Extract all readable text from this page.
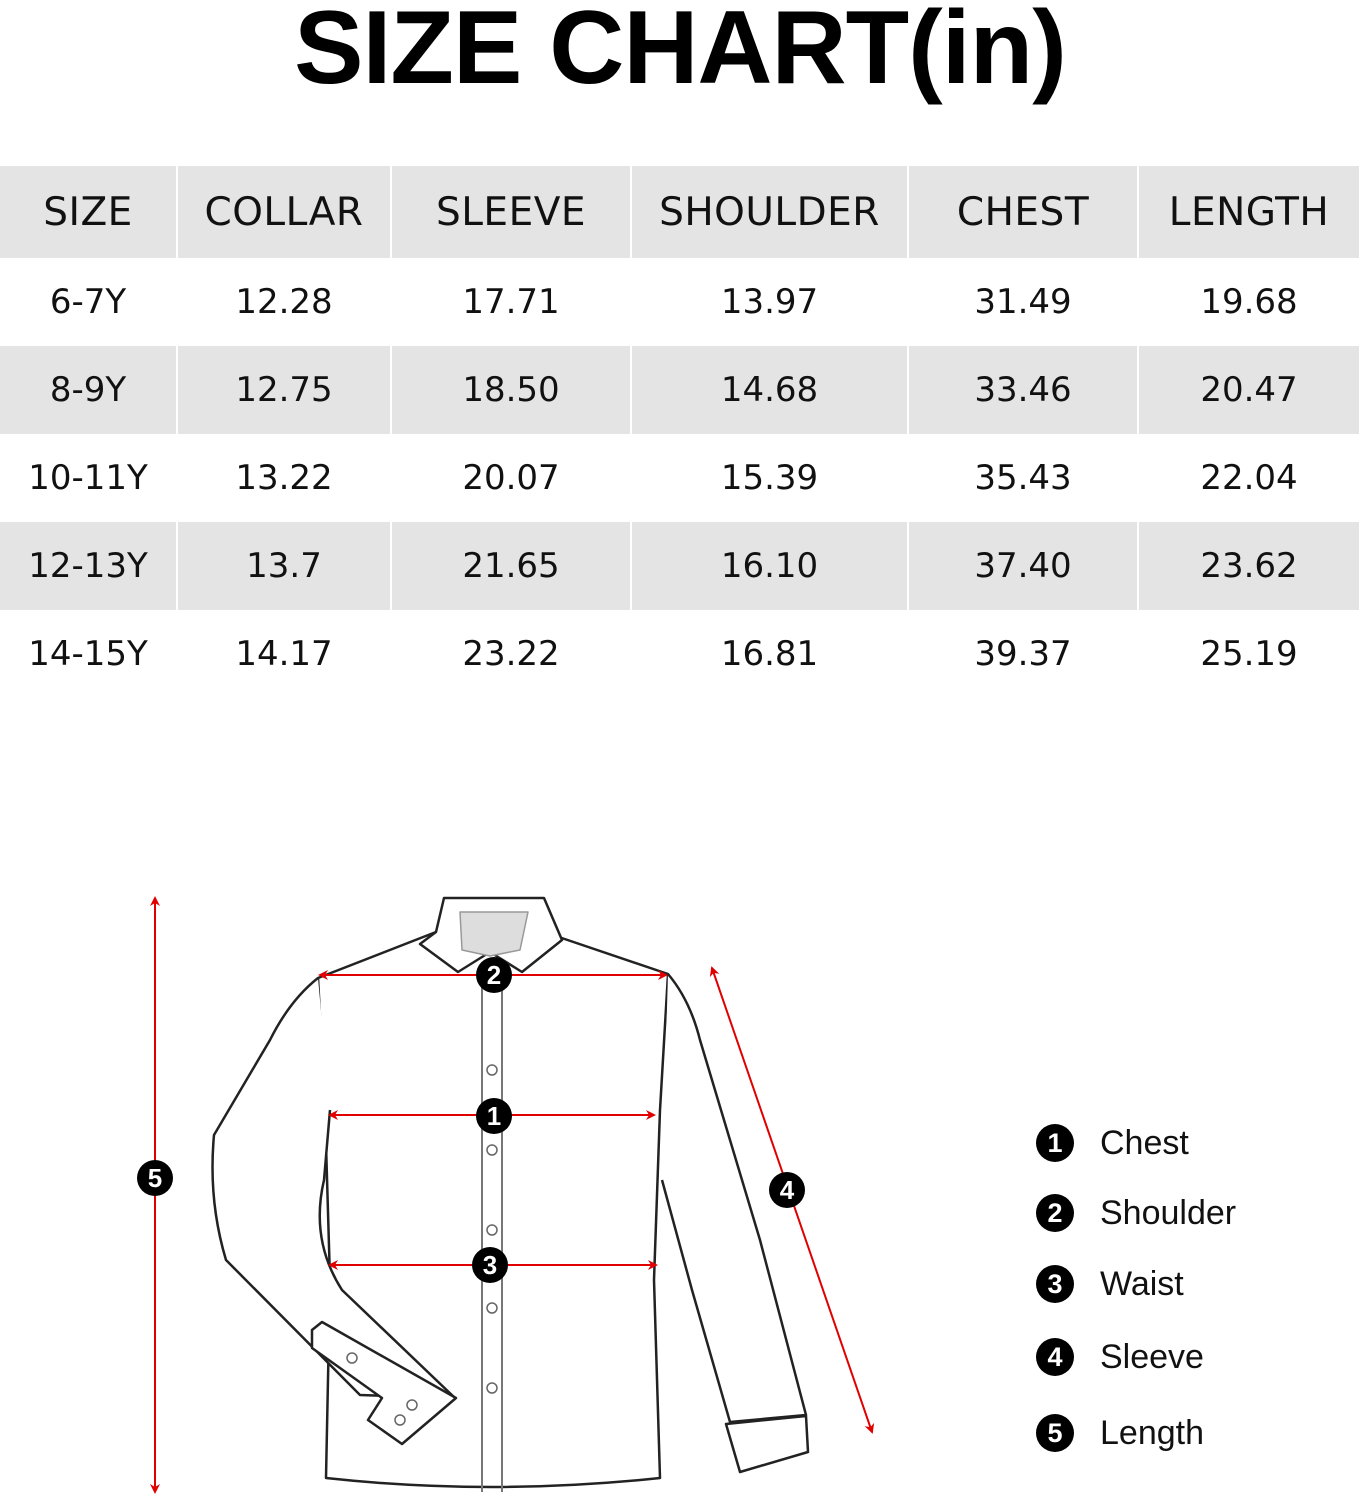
SIZE CHART(in)
SIZE	COLLAR	SLEEVE	SHOULDER	CHEST	LENGTH
6-7Y	12.28	17.71	13.97	31.49	19.68
8-9Y	12.75	18.50	14.68	33.46	20.47
10-11Y	13.22	20.07	15.39	35.43	22.04
12-13Y	13.7	21.65	16.10	37.40	23.62
14-15Y	14.17	23.22	16.81	39.37	25.19
1
2
3
4
5
1	Chest
2	Shoulder
3	Waist
4	Sleeve
5	Length
